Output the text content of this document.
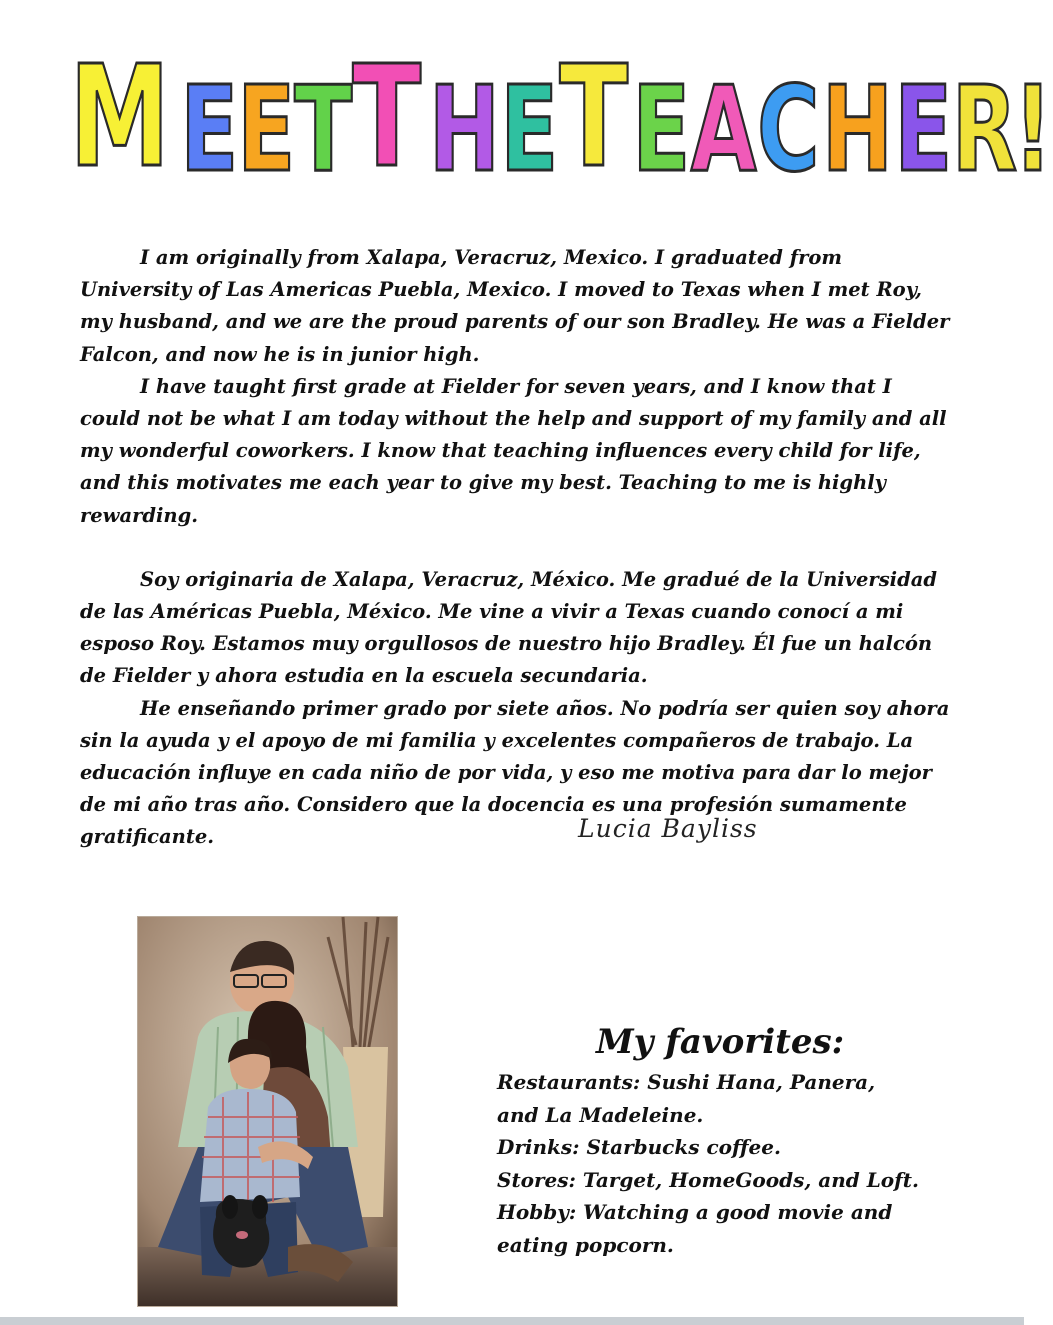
M E
E
T T H E T E A C H E R
!

I am originally from Xalapa, Veracruz, Mexico. I graduated from University of Las Americas Puebla, Mexico. I moved to Texas when I met Roy, my husband, and we are the proud parents of our son Bradley. He was a Fielder Falcon, and now he is in junior high.

I have taught first grade at Fielder for seven years, and I know that I could not be what I am today without the help and support of my family and all my wonderful coworkers. I know that teaching influences every child for life, and this motivates me each year to give my best. Teaching to me is highly rewarding.

Soy originaria de Xalapa, Veracruz, México. Me gradué de la Universidad de las Américas Puebla, México. Me vine a vivir a Texas cuando conocí a mi esposo Roy. Estamos muy orgullosos de nuestro hijo Bradley. Él fue un halcón de Fielder y ahora estudia en la escuela secundaria.

He enseñando primer grado por siete años. No podría ser quien soy ahora sin la ayuda y el apoyo de mi familia y excelentes compañeros de trabajo. La educación influye en cada niño de por vida, y eso me motiva para dar lo mejor de mi año tras año. Considero que la docencia es una profesión sumamente gratificante.	Lucia Bayliss
My favorites:
Restaurants: Sushi Hana, Panera,
and La Madeleine.
Drinks: Starbucks coffee.
Stores: Target, HomeGoods, and Loft.
Hobby: Watching a good movie and
eating popcorn.
